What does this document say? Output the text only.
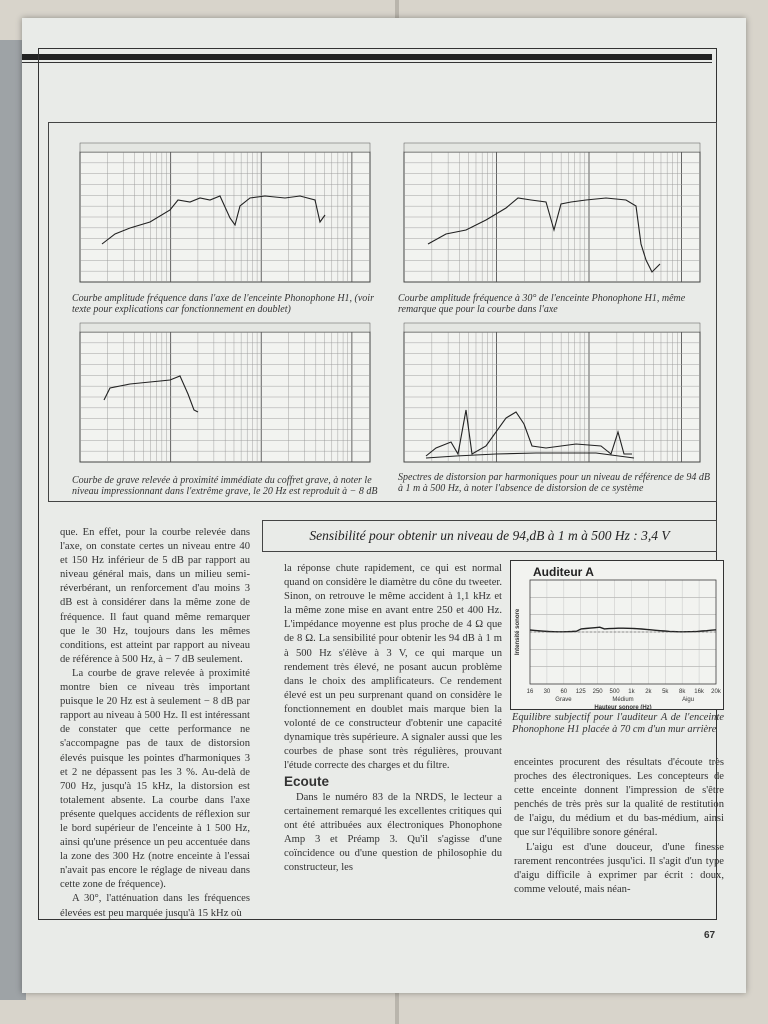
Courbe amplitude fréquence dans l'axe de l'enceinte Phonophone H1, (voir texte pour explications car fonctionnement en doublet)

Courbe amplitude fréquence à 30° de l'enceinte Phonophone H1, même remarque que pour la courbe dans l'axe

Courbe de grave relevée à proximité immédiate du coffret grave, à noter le niveau impressionnant dans l'extrême grave, le 20 Hz est reproduit à − 8 dB

Spectres de distorsion par harmoniques pour un niveau de référence de 94 dB à 1 m à 500 Hz, à noter l'absence de distorsion de ce système

Sensibilité pour obtenir un niveau de 94,dB à 1 m à 500 Hz : 3,4 V

que. En effet, pour la courbe relevée dans l'axe, on constate certes un niveau entre 40 et 150 Hz inférieur de 5 dB par rapport au niveau général mais, dans un milieu semi-réverbérant, un renforcement d'au moins 3 dB est à considérer dans la même zone de fréquence. Il faut quand même remarquer que le 30 Hz, toujours dans les mêmes conditions, est atteint par rapport au niveau de référence à 500 Hz, à − 7 dB seulement.

La courbe de grave relevée à proximité montre bien ce niveau très important puisque le 20 Hz est à seulement − 8 dB par rapport au niveau à 500 Hz. Il est intéressant de constater que cette performance ne s'accompagne pas de taux de distorsion élevés puisque les pointes d'harmoniques 3 et 2 ne dépassent pas les 3 %. Au-delà de 700 Hz, jusqu'à 15 kHz, la distorsion est totalement absente. La courbe dans l'axe présente quelques accidents de réflexion sur le bord supérieur de l'enceinte à 1 500 Hz, ainsi qu'une présence un peu accentuée dans la zone des 300 Hz (notre enceinte à l'essai n'avait pas encore le réglage de niveau dans cette zone de fréquence).

A 30°, l'atténuation dans les fréquences élevées est peu marquée jusqu'à 15 kHz où

la réponse chute rapidement, ce qui est normal quand on considère le diamètre du cône du tweeter. Sinon, on retrouve le même accident à 1,1 kHz et la même zone mise en avant entre 250 et 400 Hz. L'impédance moyenne est plus proche de 4 Ω que de 8 Ω. La sensibilité pour obtenir les 94 dB à 1 m à 500 Hz s'élève à 3 V, ce qui marque un rendement très élevé, ne posant aucun problème dans le choix des amplificateurs. Ce rendement élevé est un peu surprenant quand on considère le fonctionnement en doublet mais marque bien la volonté de ce constructeur d'obtenir une capacité dynamique très supérieure. A signaler aussi que les courbes de phase sont très régulières, prouvant l'étude correcte des charges et du filtre.

Ecoute

Dans le numéro 83 de la NRDS, le lecteur a certainement remarqué les excellentes critiques qui ont été attribuées aux électroniques Phonophone Amp 3 et Préamp 3. Qu'il s'agisse d'une coïncidence ou d'une question de philosophie du constructeur, les

Auditeur A
16 30 60 125 250 500 1k 2k 5k 8k 16k 20k
Grave	Médium	Aigu
Hauteur sonore (Hz)
Intensité sonore

Equilibre subjectif pour l'auditeur A de l'enceinte Phonophone H1 placée à 70 cm d'un mur arrière

enceintes procurent des résultats d'écoute très proches des électroniques. Les concepteurs de cette enceinte donnent l'impression de s'être penchés de très près sur la qualité de restitution de l'aigu, du médium et du bas-médium, ainsi que sur l'équilibre sonore général.

L'aigu est d'une douceur, d'une finesse rarement rencontrées jusqu'ici. Il s'agit d'un type d'aigu difficile à exprimer par écrit : doux, comme velouté, mais néan-

67
